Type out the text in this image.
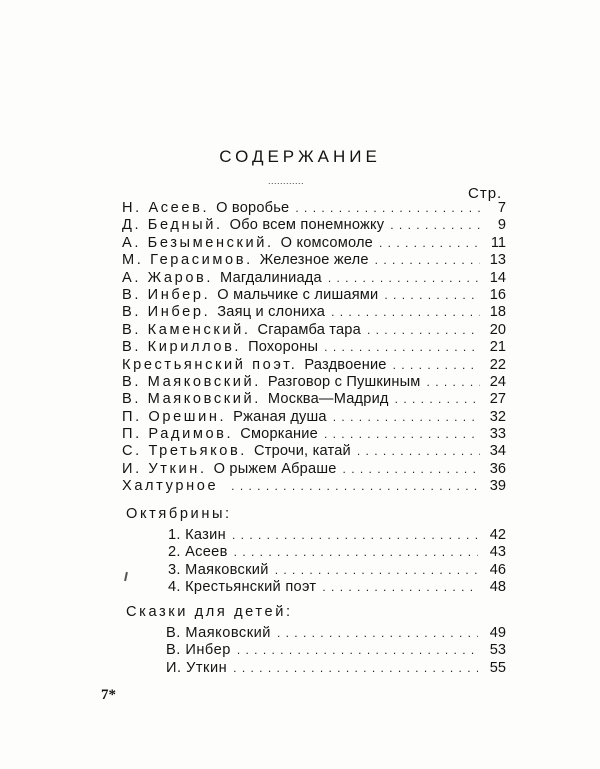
СОДЕРЖАНИЕ
............
Стр.
Н. Асеев. О воробье . . .	7
Д. Бедный. Обо всем понемножку . . .	9
А. Безыменский. О комсомоле . . .	11
М. Герасимов. Железное желе . . .	13
А. Жаров. Магдалиниада . . .	14
В. Инбер. О мальчике с лишаями . . .	16
В. Инбер. Заяц и слониха . . .	18
В. Каменский. Сгарамба тара . . .	20
В. Кириллов. Похороны . . .	21
Крестьянский поэт. Раздвоение . . .	22
В. Маяковский. Разговор с Пушкиным . . .	24
В. Маяковский. Москва—Мадрид . . .	27
П. Орешин. Ржаная душа . . .	32
П. Радимов. Сморкание . . .	33
С. Третьяков. Строчи, катай . . .	34
И. Уткин. О рыжем Абраше . . .	36
Халтурное . . .	39
Октябрины:
1. Казин . . .	42
2. Асеев . . .	43
3. Маяковский . . .	46
4. Крестьянский поэт . . .	48
Сказки для детей:
В. Маяковский . . .	49
В. Инбер . . .	53
И. Уткин . . .	55
7*
